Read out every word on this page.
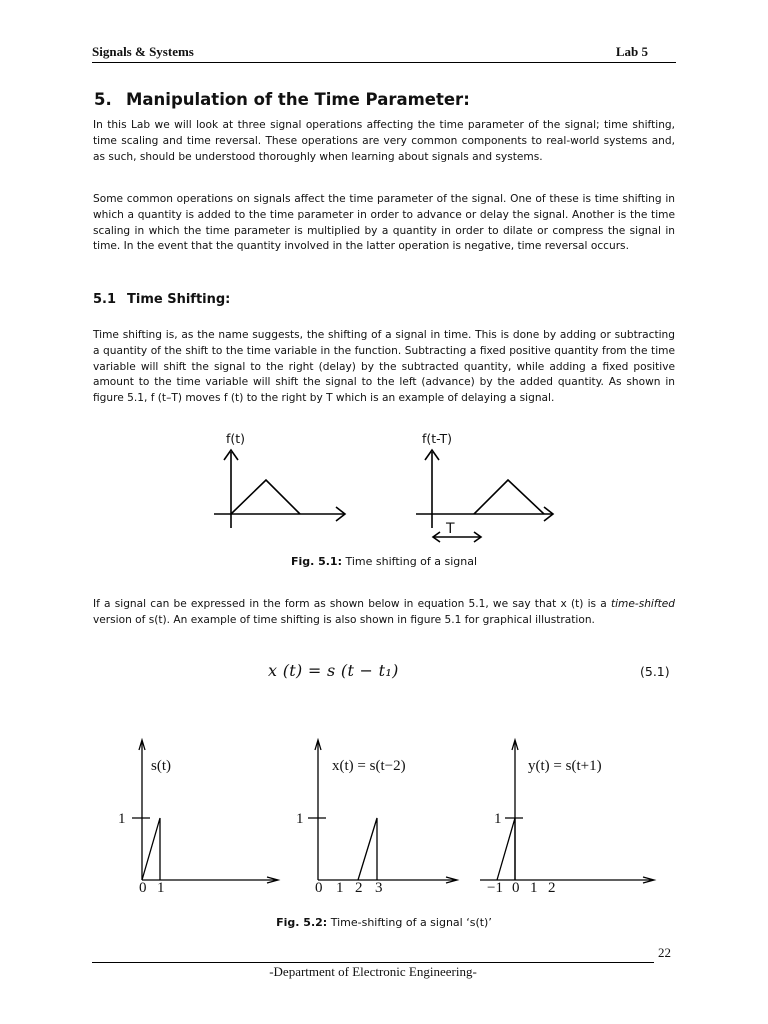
Signals & Systems	Lab 5
5. Manipulation of the Time Parameter:
In this Lab we will look at three signal operations affecting the time parameter of the signal; time shifting, time scaling and time reversal. These operations are very common components to real-world systems and, as such, should be understood thoroughly when learning about signals and systems.
Some common operations on signals affect the time parameter of the signal. One of these is time shifting in which a quantity is added to the time parameter in order to advance or delay the signal. Another is the time scaling in which the time parameter is multiplied by a quantity in order to dilate or compress the signal in time. In the event that the quantity involved in the latter operation is negative, time reversal occurs.
5.1 Time Shifting:
Time shifting is, as the name suggests, the shifting of a signal in time. This is done by adding or subtracting a quantity of the shift to the time variable in the function. Subtracting a fixed positive quantity from the time variable will shift the signal to the right (delay) by the subtracted quantity, while adding a fixed positive amount to the time variable will shift the signal to the left (advance) by the added quantity. As shown in figure 5.1, f (t–T) moves f (t) to the right by T which is an example of delaying a signal.
f(t)	f(t-T)
T
Fig. 5.1: Time shifting of a signal
If a signal can be expressed in the form as shown below in equation 5.1, we say that x (t) is a time-shifted version of s(t). An example of time shifting is also shown in figure 5.1 for graphical illustration.
x (t) = s (t − t₁)	(5.1)
s(t)
1
0 1
x(t) = s(t−2)
1
0 1 2 3
y(t) = s(t+1)
1
−1 0 1 2
Fig. 5.2: Time-shifting of a signal ‘s(t)’
22
-Department of Electronic Engineering-
